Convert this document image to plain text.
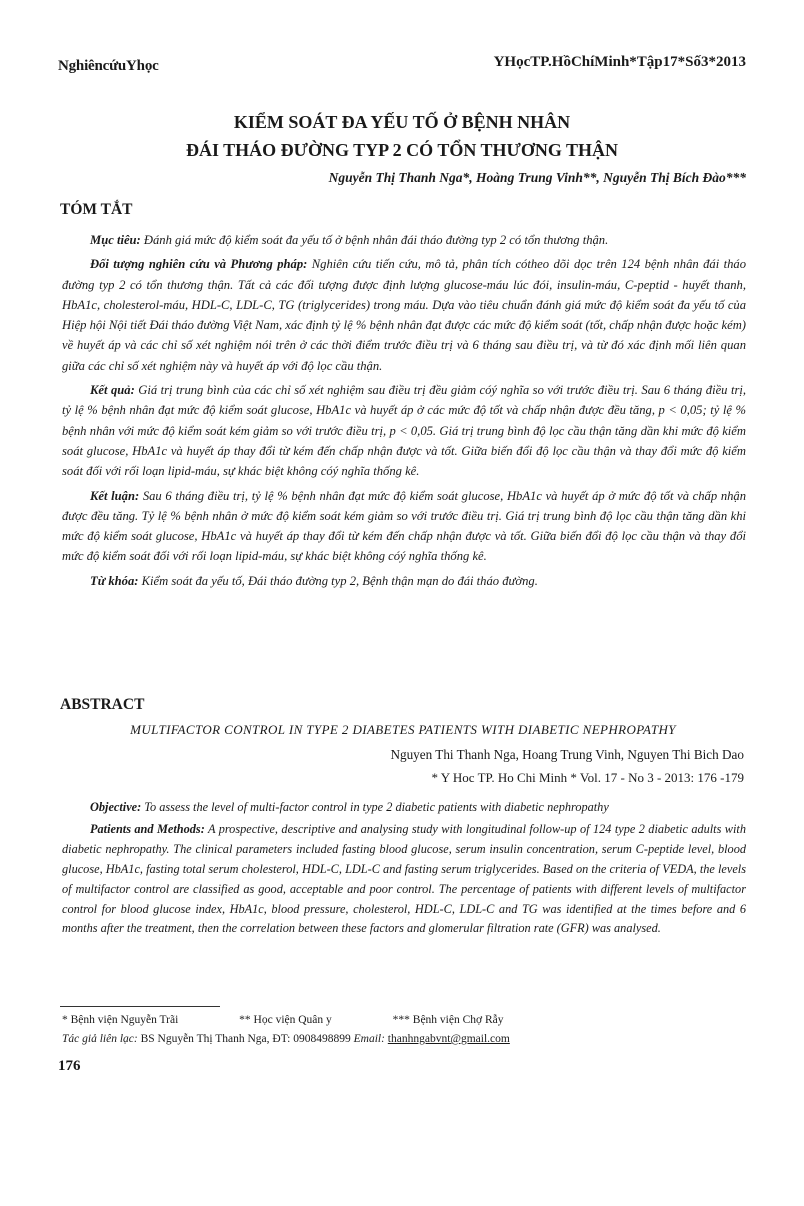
NghiêncứuYhọc	YHọcTP.HồChíMinh*Tập17*Số3*2013
KIỂM SOÁT ĐA YẾU TỐ Ở BỆNH NHÂN
ĐÁI THÁO ĐƯỜNG TYP 2 CÓ TỔN THƯƠNG THẬN
Nguyễn Thị Thanh Nga*, Hoàng Trung Vinh**, Nguyễn Thị Bích Đào***
TÓM TẮT

Mục tiêu: Đánh giá mức độ kiểm soát đa yếu tố ở bệnh nhân đái tháo đường typ 2 có tổn thương thận.

Đối tượng nghiên cứu và Phương pháp: Nghiên cứu tiến cứu, mô tả, phân tích cótheo dõi dọc trên 124 bệnh nhân đái tháo đường typ 2 có tổn thương thận. Tất cả các đối tượng được định lượng glucose-máu lúc đói, insulin-máu, C-peptid - huyết thanh, HbA1c, cholesterol-máu, HDL-C, LDL-C, TG (triglycerides) trong máu. Dựa vào tiêu chuẩn đánh giá mức độ kiểm soát đa yếu tố của Hiệp hội Nội tiết Đái tháo đường Việt Nam, xác định tỷ lệ % bệnh nhân đạt được các mức độ kiểm soát (tốt, chấp nhận được hoặc kém) về huyết áp và các chỉ số xét nghiệm nói trên ở các thời điểm trước điều trị và 6 tháng sau điều trị, và từ đó xác định mối liên quan giữa các chỉ số xét nghiệm này và huyết áp với độ lọc cầu thận.

Kết quả: Giá trị trung bình của các chỉ số xét nghiệm sau điều trị đều giảm cóý nghĩa so với trước điều trị. Sau 6 tháng điều trị, tỷ lệ % bệnh nhân đạt mức độ kiểm soát glucose, HbA1c và huyết áp ở các mức độ tốt và chấp nhận được đều tăng, p < 0,05; tỷ lệ % bệnh nhân với mức độ kiểm soát kém giảm so với trước điều trị, p < 0,05. Giá trị trung bình độ lọc cầu thận tăng dần khi mức độ kiểm soát glucose, HbA1c và huyết áp thay đổi từ kém đến chấp nhận được và tốt. Giữa biến đổi độ lọc cầu thận và thay đổi mức độ kiểm soát đối với rối loạn lipid-máu, sự khác biệt không cóý nghĩa thống kê.

Kết luận: Sau 6 tháng điều trị, tỷ lệ % bệnh nhân đạt mức độ kiểm soát glucose, HbA1c và huyết áp ở mức độ tốt và chấp nhận được đều tăng. Tỷ lệ % bệnh nhân ở mức độ kiểm soát kém giảm so với trước điều trị. Giá trị trung bình độ lọc cầu thận tăng dần khi mức độ kiểm soát glucose, HbA1c và huyết áp thay đổi từ kém đến chấp nhận được và tốt. Giữa biến đổi độ lọc cầu thận và thay đổi mức độ kiểm soát đối với rối loạn lipid-máu, sự khác biệt không cóý nghĩa thống kê.

Từ khóa: Kiểm soát đa yếu tố, Đái tháo đường typ 2, Bệnh thận mạn do đái tháo đường.

ABSTRACT
MULTIFACTOR CONTROL IN TYPE 2 DIABETES PATIENTS WITH DIABETIC NEPHROPATHY
Nguyen Thi Thanh Nga, Hoang Trung Vinh, Nguyen Thi Bich Dao
* Y Hoc TP. Ho Chi Minh * Vol. 17 - No 3 - 2013: 176 -179

Objective: To assess the level of multi-factor control in type 2 diabetic patients with diabetic nephropathy

Patients and Methods: A prospective, descriptive and analysing study with longitudinal follow-up of 124 type 2 diabetic adults with diabetic nephropathy. The clinical parameters included fasting blood glucose, serum insulin concentration, serum C-peptide level, blood glucose, HbA1c, fasting total serum cholesterol, HDL-C, LDL-C and fasting serum triglycerides. Based on the criteria of VEDA, the levels of multifactor control are classified as good, acceptable and poor control. The percentage of patients with different levels of multifactor control for blood glucose index, HbA1c, blood pressure, cholesterol, HDL-C, LDL-C and TG was identified at the times before and 6 months after the treatment, then the correlation between these factors and glomerular filtration rate (GFR) was analysed.

* Bệnh viện Nguyễn Trãi	** Học viện Quân y	*** Bệnh viện Chợ Rẫy
Tác giả liên lạc: BS Nguyễn Thị Thanh Nga, ĐT: 0908498899 Email: thanhngabvnt@gmail.com
176
